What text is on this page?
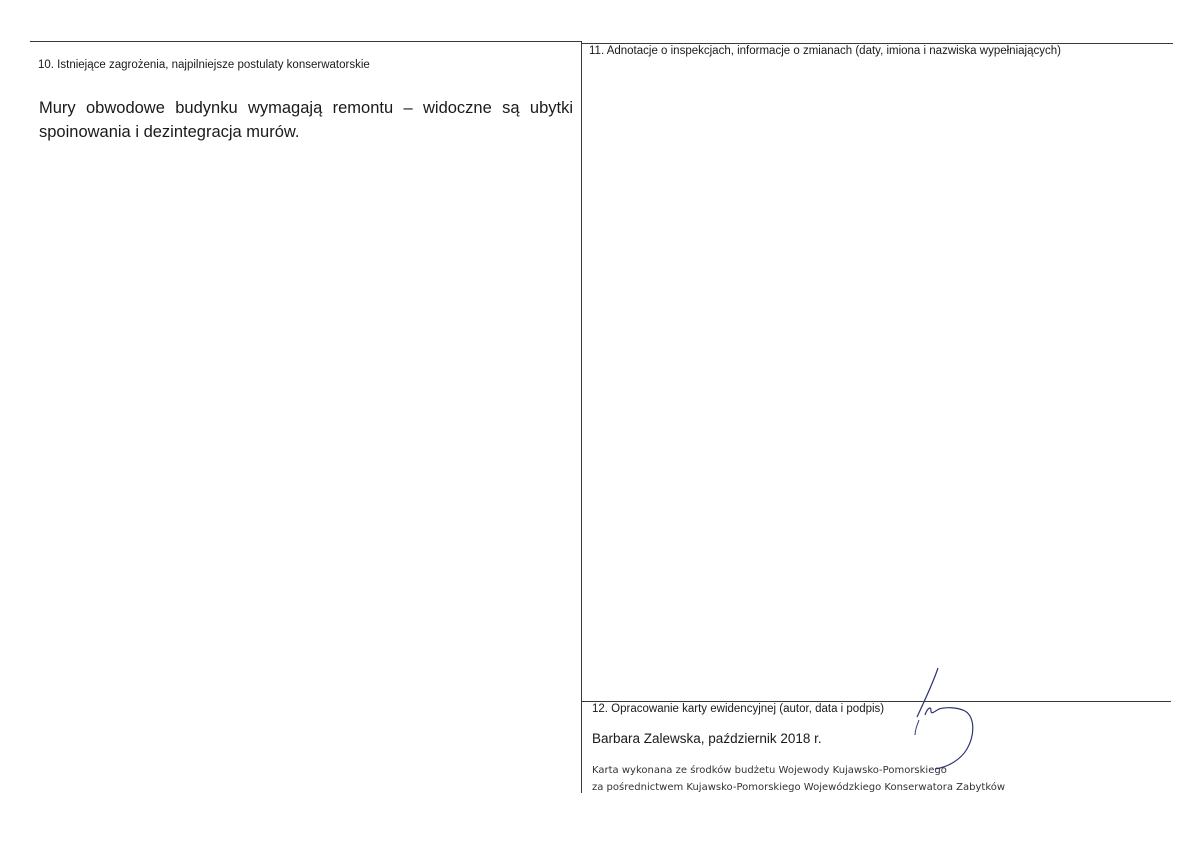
10. Istniejące zagrożenia, najpilniejsze postulaty konserwatorskie
Mury obwodowe budynku wymagają remontu – widoczne są ubytki spoinowania i dezintegracja murów.
11. Adnotacje o inspekcjach, informacje o zmianach (daty, imiona i nazwiska wypełniających)
12. Opracowanie karty ewidencyjnej (autor, data i podpis)
Barbara Zalewska, październik 2018 r.
Karta wykonana ze środków budżetu Wojewody Kujawsko-Pomorskiego
za pośrednictwem Kujawsko-Pomorskiego Wojewódzkiego Konserwatora Zabytków
